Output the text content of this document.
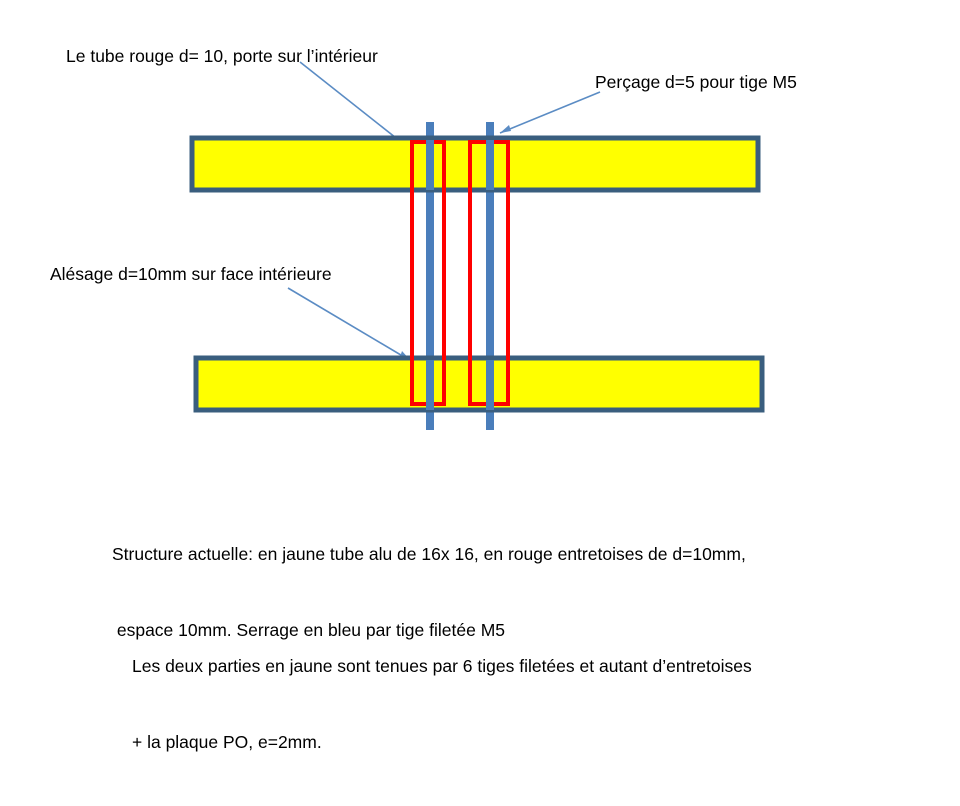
Le tube rouge d= 10, porte sur l’intérieur
Perçage d=5 pour tige M5
Alésage d=10mm sur face intérieure

Structure actuelle: en jaune tube alu de 16x 16, en rouge entretoises de d=10mm,

espace 10mm. Serrage en bleu par tige filetée M5

Les deux parties en jaune sont tenues par 6 tiges filetées et autant d’entretoises

+ la plaque PO, e=2mm.
